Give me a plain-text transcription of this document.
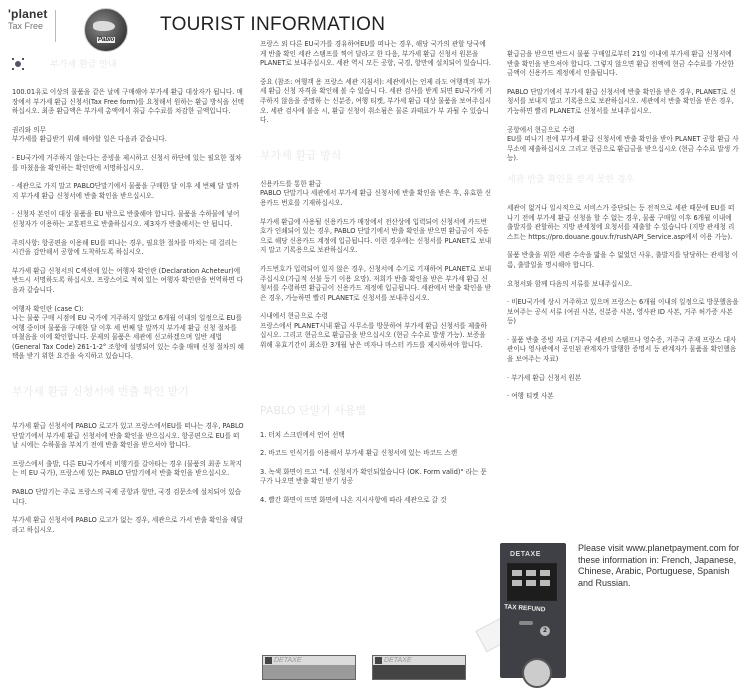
'planet
Tax Free
Pablo
TOURIST INFORMATION
부가세 환급 안내

100.01유로 이상의 물품을 같은 날에 구매해야 부가세 환급 대상자가 됩니다. 매장에서 부가세 환급 신청서(Tax Free form)를 요청해서 원하는 환급 방식을 선택하십시오. 최종 환급액은 부가세 총액에서 취급 수수료를 차감한 금액입니다.

권리와 의무

부가세를 환급받기 위해 해야할 일은 다음과 같습니다.

· EU국가에 거주하지 않는다는 증빙을 제시하고 신청서 하단에 있는 필요한 절차를 마쳤음을 확인하는 확인란에 서명하십시오.

· 세관으로 가지 말고 PABLO단말기에서 물품을 구매한 달 이후 세 번째 달 말까지 부가세 환급 신청서에 반출 확인을 받으십시오.

· 신청자 본인이 대상 물품을 EU 밖으로 반출해야 합니다. 물품을 수하물에 넣어 신청자가 이용하는 교통편으로 반출하십시오. 제3자가 반출해서는 안 됩니다.

주의사항: 항공편을 이용해 EU를 떠나는 경우, 필요한 절차를 마치는 데 걸리는 시간을 감안해서 공항에 도착하도록 하십시오.

부가세 환급 신청서의 C섹션에 있는 여행자 확인란 (Declaration Acheteur)에 반드시 서명하도록 하십시오. 프랑스어로 적혀 있는 여행자 확인란을 번역하면 다음과 같습니다.

여행자 확인란 (case C):

나는 물품 구매 시점에 EU 국가에 거주하지 않았고 6개월 이내의 일정으로 EU를 여행 중이며 물품을 구매한 달 이후 세 번째 달 말까지 부가세 환급 신청 절차를 마쳤음을 이에 확인합니다. 문제의 물품은 세관에 신고하겠으며 일반 세법 (General Tax Code) 261-1-2° 조항에 설명되어 있는 수출 매매 신청 절차의 혜택을 받기 위한 요건을 숙지하고 있습니다.

부가세 환급 신청서에 반출 확인 받기

부가세 환급 신청서에 PABLO 로고가 있고 프랑스에서EU를 떠나는 경우, PABLO 단말기에서 부가세 환급 신청서에 반출 확인을 받으십시오. 항공편으로 EU를 떠날 시에는 수하물을 부치기 전에 반출 확인을 받으셔야 합니다.

프랑스에서 출발, 다른 EU국가에서 비행기를 갈아타는 경우 (물품의 최종 도착지는 비 EU 국가), 프랑스에 있는 PABLO 단말기에서 반출 확인을 받으십시오.

PABLO 단말기는 주로 프랑스의 국제 공항과 항만, 국경 검문소에 설치되어 있습니다.

부가세 환급 신청서에 PABLO 로고가 없는 경우, 세관으로 가서 반출 확인을 해달라고 하십시오.

프랑스 외 다른 EU국가를 경유하여EU를 떠나는 경우, 해당 국가의 관할 당국에게 반출 확인 세관 스탬프를 찍어 달라고 한 다음, 부가세 환급 신청서 원본을 PLANET로 보내주십시오. 세관 역시 모든 공항, 국경, 항만에 설치되어 있습니다.

중요 (참조: 여행객 용 프랑스 세관 지침서): 세관에서는 언제 라도 여행객의 부가세 환급 신청 자격을 확인해 볼 수 있습니 다. 세관 검사를 받게 되면 EU국가에 거주하지 않음을 증명하 는 신분증, 여행 티켓, 부가세 환급 대상 물품을 보여주십시오. 세관 검사에 불응 시, 환급 신청이 취소됨은 물론 과태료가 부 과될 수 있습니다.

부가세 환급 방식

신용카드를 통한 환급

PABLO 단말기나 세관에서 부가세 환급 신청서에 반출 확인을 받은 후, 유효한 신용카드 번호를 기재하십시오.

부가세 환급에 사용될 신용카드가 매장에서 전산상에 입력되어 신청서에 카드번호가 인쇄되어 있는 경우, PABLO 단말기에서 반출 확인을 받으면 환급금이 자동으로 해당 신용카드 계정에 입금됩니다. 이런 경우에는 신청서를 PLANET로 보내지 말고 기록용으로 보관하십시오.

카드번호가 입력되어 있지 않은 경우, 신청서에 수기로 기재하여 PLANET로 보내주십시오(가급적 선불 등기 이용 요망). 저희가 반출 확인을 받은 부가세 환급 신청서를 수령하면 환급금이 신용카드 계정에 입금됩니다. 세관에서 반출 확인을 받은 경우, 가능하면 빨리 PLANET로 신청서를 보내주십시오.

시내에서 현금으로 수령

프랑스에서 PLANET시내 환급 사무소를 방문하여 부가세 환급 신청서를 제출하십시오. 그리고 현금으로 환급금을 받으십시오 (현금 수수료 발생 가능). 보증을 위해 유효기간이 최소한 3개월 남은 비자나 마스터 카드를 제시하셔야 합니다.

PABLO 단말기 사용법

1. 터치 스크린에서 언어 선택

2. 바코드 인식기를 이용해서 부가세 환급 신청서에 있는 바코드 스캔

3. 녹색 화면이 뜨고 "네. 신청서가 확인되었습니다 (OK. Form valid)" 라는 문구가 나오면 반출 확인 받기 성공

4. 빨간 화면이 뜨면 화면에 나온 지시사항에 따라 세관으로 갈 것

DETAXE	DETAXE

환급금을 받으면 반드시 물품 구매일로부터 21일 이내에 부가세 환급 신청서에 반출 확인을 받으셔야 합니다. 그렇지 않으면 환급 전액에 현금 수수료를 가산한 금액이 신용카드 계정에서 인출됩니다.

PABLO 단말기에서 부가세 환급 신청서에 반출 확인을 받은 경우, PLANET로 신청서를 보내지 말고 기록용으로 보관하십시오. 세관에서 반출 확인을 받은 경우, 가능하면 빨리 PLANET로 신청서를 보내주십시오.

공항에서 현금으로 수령

EU를 떠나기 전에 부가세 환급 신청서에 반출 확인을 받아 PLANET 공항 환급 사무소에 제출하십시오 그리고 현금으로 환급금을 받으십시오 (현금 수수료 발생 가능).

세관 반출 확인을 받지 못한 경우

세관이 없거나 일시적으로 서비스가 중단되는 등 전적으로 세관 때문에 EU를 떠나기 전에 부가세 환급 신청을 할 수 없는 경우, 물품 구매일 이후 6개월 이내에 출발지를 관할하는 지방 관세청에 요청서를 제출할 수 있습니다 (지방 관세청 리스트는 https://pro.douane.gouv.fr/rush/API_Service.asp에서 이용 가능).

물품 반출을 위한 세관 수속을 밟을 수 없었던 사유, 출발지를 담당하는 관세청 이름, 출발일을 명시해야 합니다.

요청서와 함께 다음의 서류를 보내주십시오.

· 비EU국가에 상시 거주하고 있으며 프랑스는 6개월 이내의 일정으로 방문했음을 보여주는 공식 서류 (여권 사본, 신분증 사본, 영사관 ID 사본, 거주 허가증 사본 등)

· 물품 반출 증빙 자료 (거주국 세관의 스탬프나 영수증, 거주국 주재 프랑스 대사관이나 영사관에서 공인된 관계자가 발행한 증명서 등 관계자가 물품을 확인했음을 보여주는 자료)

· 부가세 환급 신청서 원본

· 여행 티켓 사본

DETAXE
TAX REFUND
2
Please visit www.planetpayment.com for these information in: French, Japanese, Chinese, Arabic, Portuguese, Spanish and Russian.
